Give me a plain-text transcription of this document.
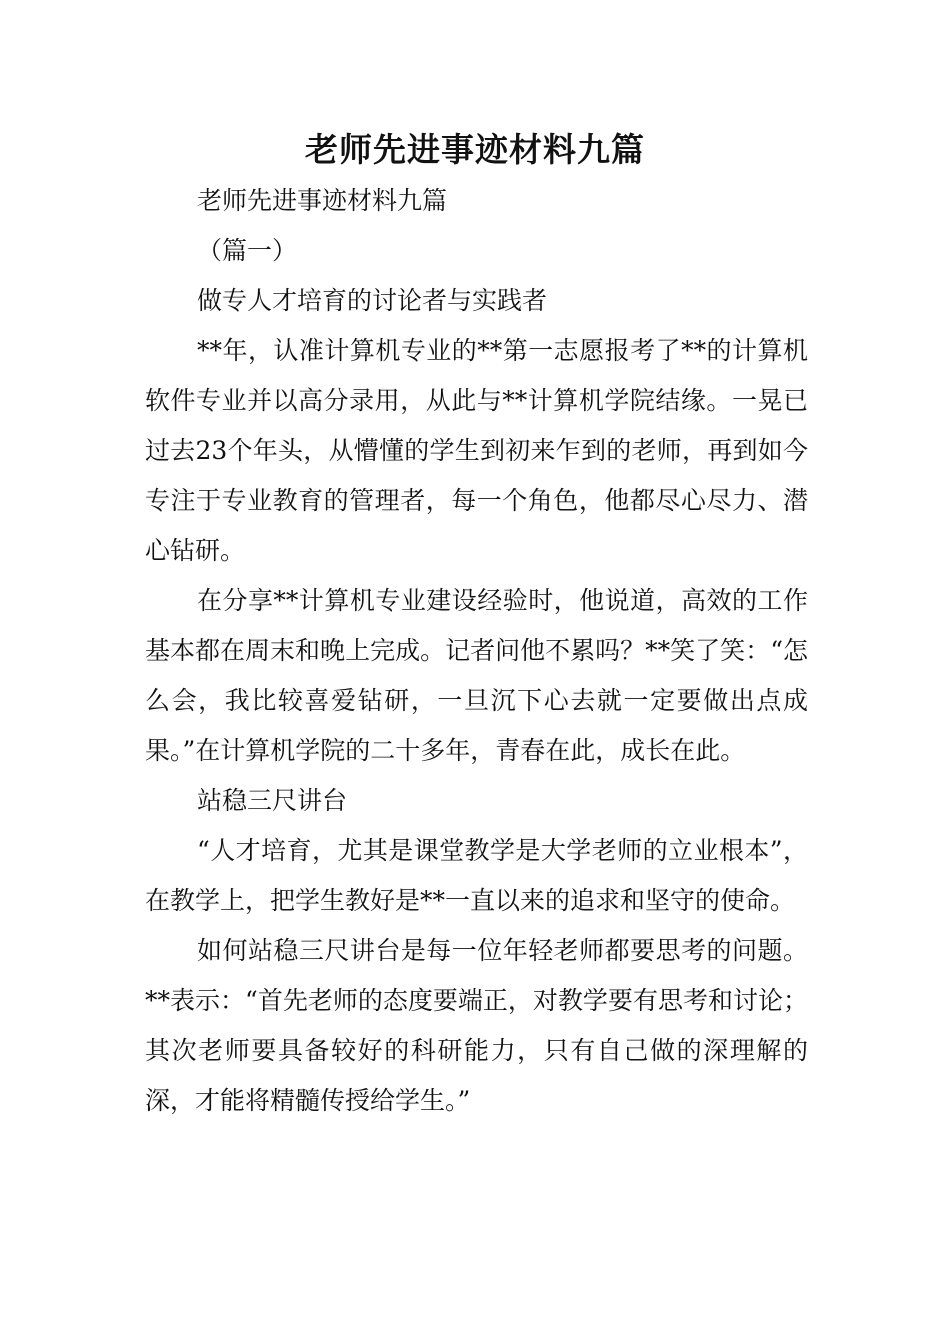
老师先进事迹材料九篇

老师先进事迹材料九篇

（篇一）

做专人才培育的讨论者与实践者

**年，认准计算机专业的**第一志愿报考了**的计算机软件专业并以高分录用，从此与**计算机学院结缘。一晃已过去23个年头，从懵懂的学生到初来乍到的老师，再到如今专注于专业教育的管理者，每一个角色，他都尽心尽力、潜心钻研。

在分享**计算机专业建设经验时，他说道，高效的工作基本都在周末和晚上完成。记者问他不累吗？**笑了笑：“怎么会，我比较喜爱钻研，一旦沉下心去就一定要做出点成果。”在计算机学院的二十多年，青春在此，成长在此。

站稳三尺讲台

“人才培育，尤其是课堂教学是大学老师的立业根本”，在教学上，把学生教好是**一直以来的追求和坚守的使命。

如何站稳三尺讲台是每一位年轻老师都要思考的问题。**表示：“首先老师的态度要端正，对教学要有思考和讨论；其次老师要具备较好的科研能力，只有自己做的深理解的深，才能将精髓传授给学生。”
